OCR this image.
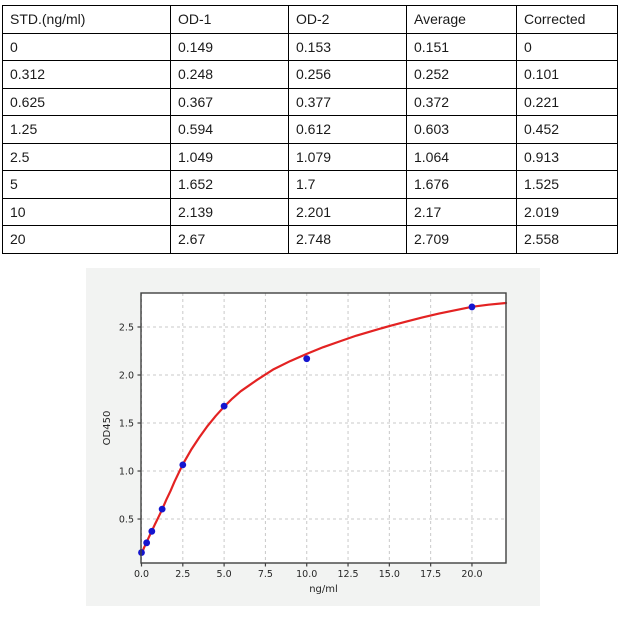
STD.(ng/ml)	OD-1	OD-2	Average	Corrected
0	0.149	0.153	0.151	0
0.312	0.248	0.256	0.252	0.101
0.625	0.367	0.377	0.372	0.221
1.25	0.594	0.612	0.603	0.452
2.5	1.049	1.079	1.064	0.913
5	1.652	1.7	1.676	1.525
10	2.139	2.201	2.17	2.019
20	2.67	2.748	2.709	2.558
0.0	2.5	5.0	7.5 10.0 12.5 15.0 17.5 20.0
0.5
1.0
1.5
2.0
2.5
ng/ml
OD450
